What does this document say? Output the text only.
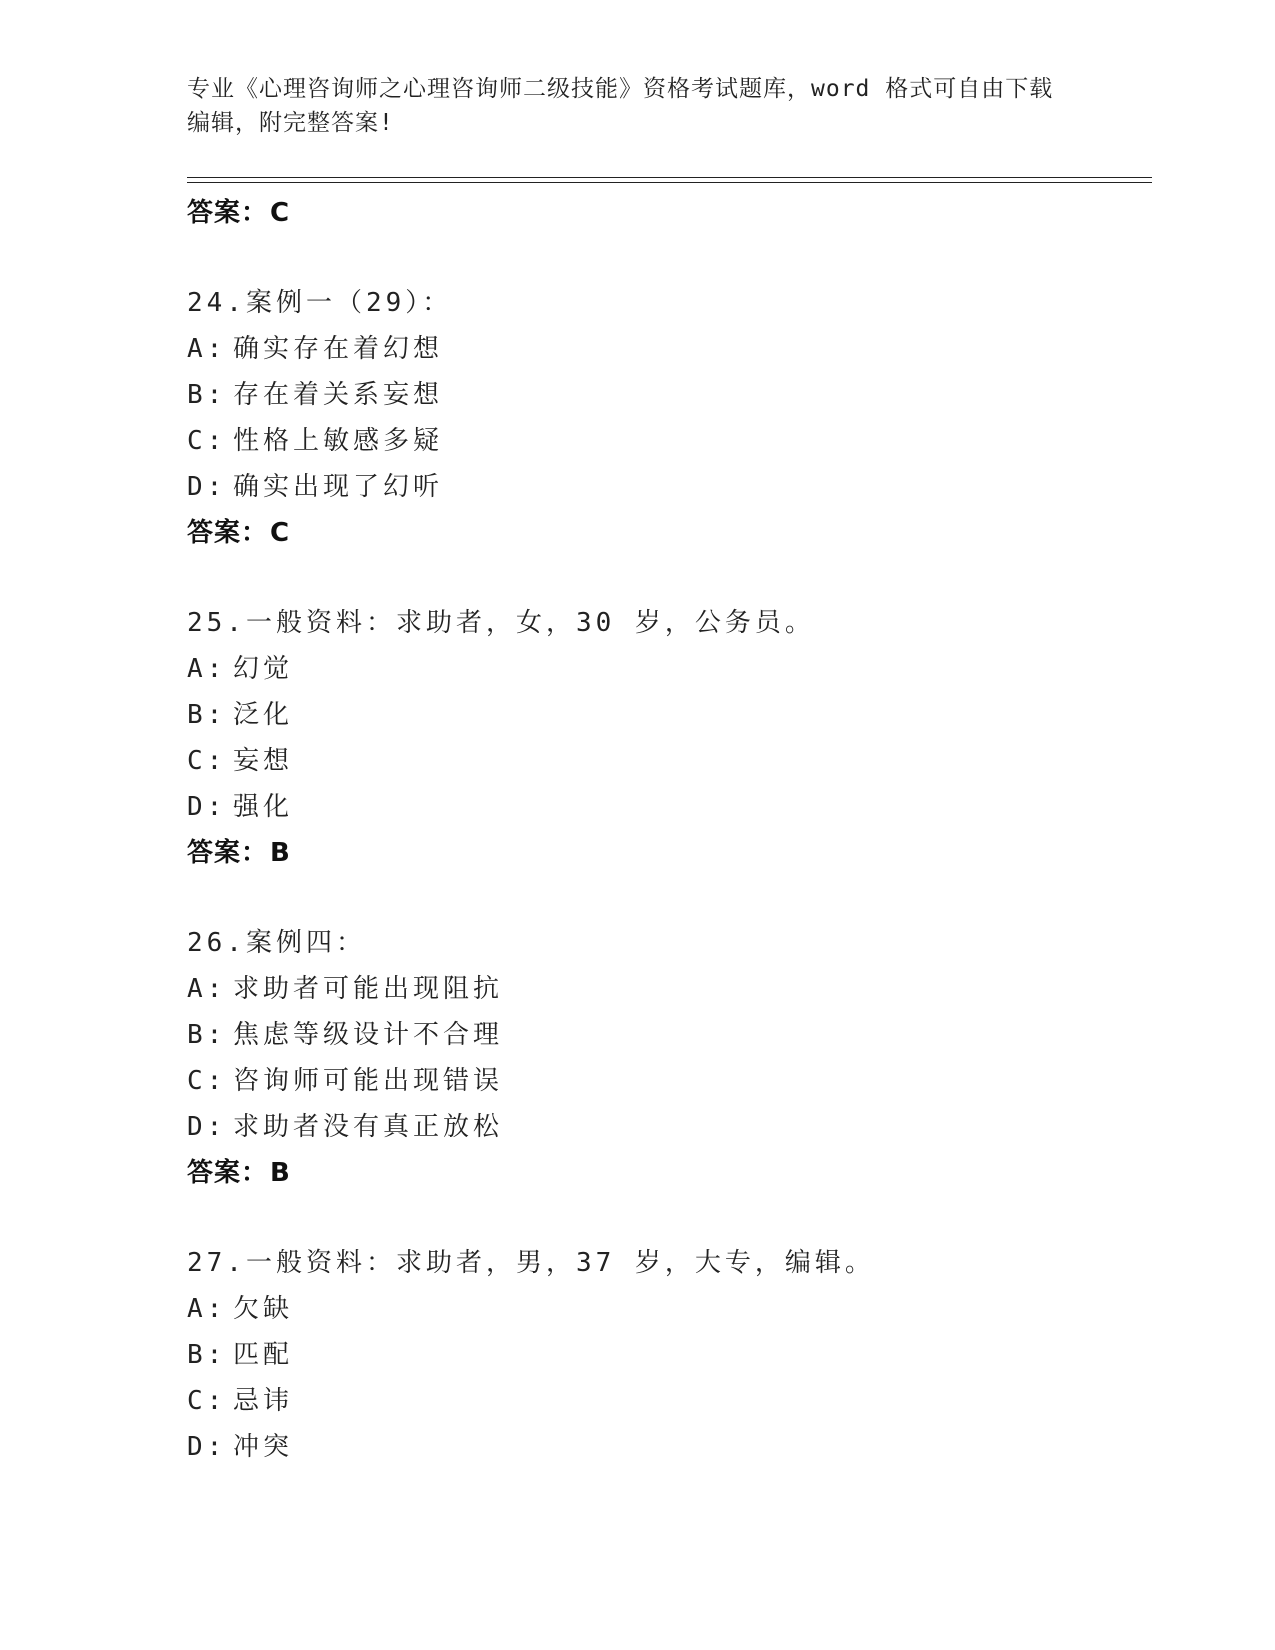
专业《心理咨询师之心理咨询师二级技能》资格考试题库，word 格式可自由下载
编辑，附完整答案!
答案：C
24.案例一（29）：
A: 确实存在着幻想
B: 存在着关系妄想
C: 性格上敏感多疑
D: 确实出现了幻听
答案：C
25.一般资料：求助者，女，30 岁，公务员。
A: 幻觉
B: 泛化
C: 妄想
D: 强化
答案：B
26.案例四：
A: 求助者可能出现阻抗
B: 焦虑等级设计不合理
C: 咨询师可能出现错误
D: 求助者没有真正放松
答案：B
27.一般资料：求助者，男，37 岁，大专，编辑。
A: 欠缺
B: 匹配
C: 忌讳
D: 冲突
